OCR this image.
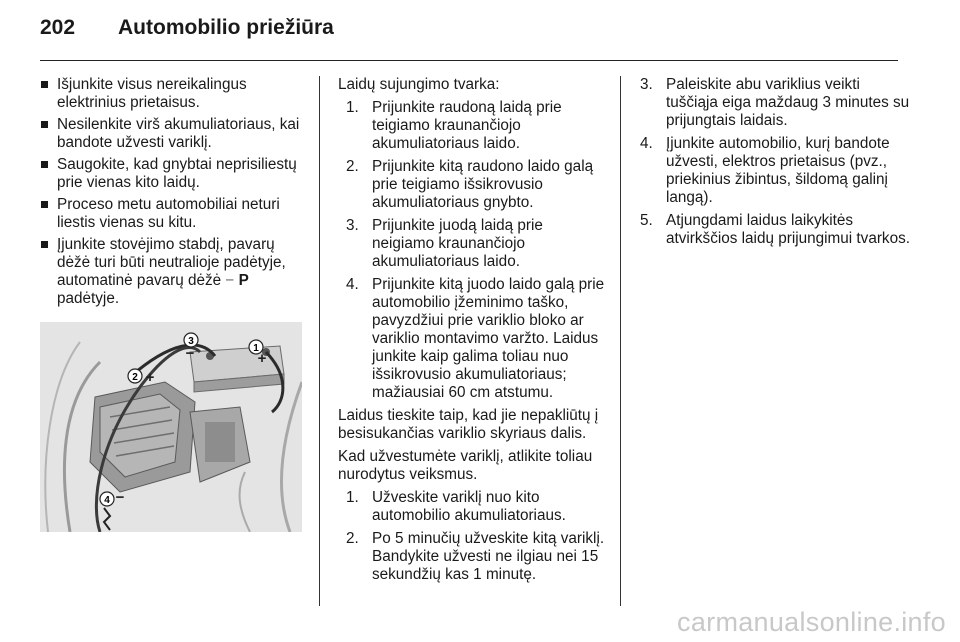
202	Automobilio priežiūra
Išjunkite visus nereikalingus elektrinius prietaisus.
Nesilenkite virš akumuliatoriaus, kai bandote užvesti variklį.
Saugokite, kad gnybtai neprisiliestų prie vienas kito laidų.
Proceso metu automobiliai neturi liestis vienas su kitu.
Įjunkite stovėjimo stabdį, pavarų dėžė turi būti neutralioje padėtyje, automatinė pavarų dėžė − P
padėtyje.
3
−	1
+
2 +
4 −
Laidų sujungimo tvarka:
1. Prijunkite raudoną laidą prie teigiamo kraunančiojo akumuliatoriaus laido.
2. Prijunkite kitą raudono laido galą prie teigiamo išsikrovusio akumuliatoriaus gnybto.
3. Prijunkite juodą laidą prie neigiamo kraunančiojo akumuliatoriaus laido.
4. Prijunkite kitą juodo laido galą prie automobilio įžeminimo taško, pavyzdžiui prie variklio bloko ar variklio montavimo varžto. Laidus junkite kaip galima toliau nuo išsikrovusio akumuliatoriaus; mažiausiai 60 cm atstumu.
Laidus tieskite taip, kad jie nepakliūtų į besisukančias variklio skyriaus dalis.
Kad užvestumėte variklį, atlikite toliau nurodytus veiksmus.
1. Užveskite variklį nuo kito automobilio akumuliatoriaus.
2. Po 5 minučių užveskite kitą variklį. Bandykite užvesti ne ilgiau nei 15 sekundžių kas 1 minutę.
3. Paleiskite abu variklius veikti tuščiąja eiga maždaug 3 minutes su prijungtais laidais.
4. Įjunkite automobilio, kurį bandote užvesti, elektros prietaisus (pvz., priekinius žibintus, šildomą galinį langą).
5. Atjungdami laidus laikykitės atvirkščios laidų prijungimui tvarkos.
carmanualsonline.info
